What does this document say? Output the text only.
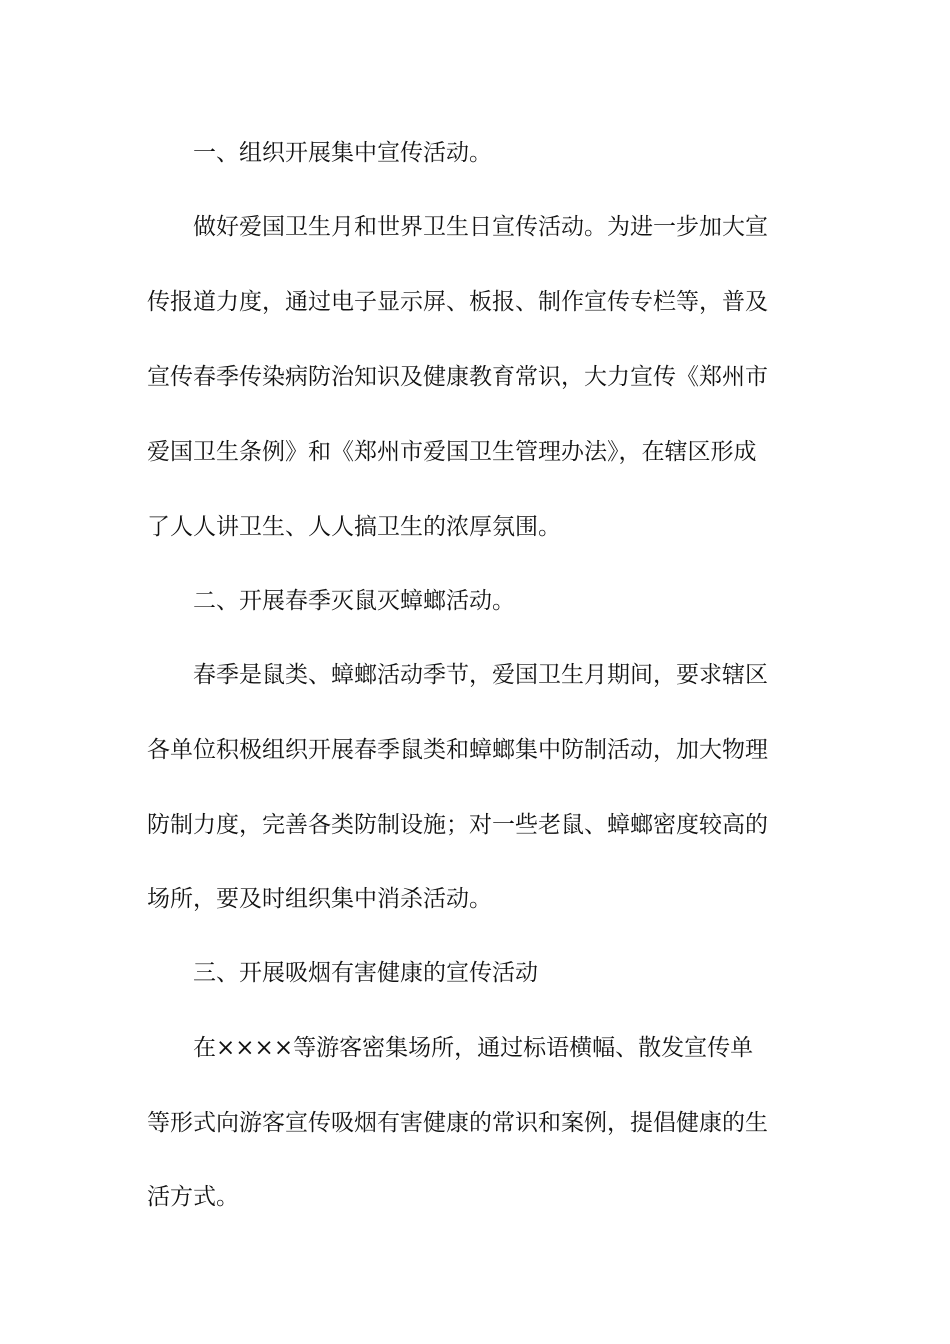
一、组织开展集中宣传活动。
做好爱国卫生月和世界卫生日宣传活动。为进一步加大宣
传报道力度，通过电子显示屏、板报、制作宣传专栏等，普及
宣传春季传染病防治知识及健康教育常识，大力宣传《郑州市
爱国卫生条例》和《郑州市爱国卫生管理办法》，在辖区形成
了人人讲卫生、人人搞卫生的浓厚氛围。
二、开展春季灭鼠灭蟑螂活动。
春季是鼠类、蟑螂活动季节，爱国卫生月期间，要求辖区
各单位积极组织开展春季鼠类和蟑螂集中防制活动，加大物理
防制力度，完善各类防制设施；对一些老鼠、蟑螂密度较高的
场所，要及时组织集中消杀活动。
三、开展吸烟有害健康的宣传活动
在××××等游客密集场所，通过标语横幅、散发宣传单
等形式向游客宣传吸烟有害健康的常识和案例，提倡健康的生
活方式。
